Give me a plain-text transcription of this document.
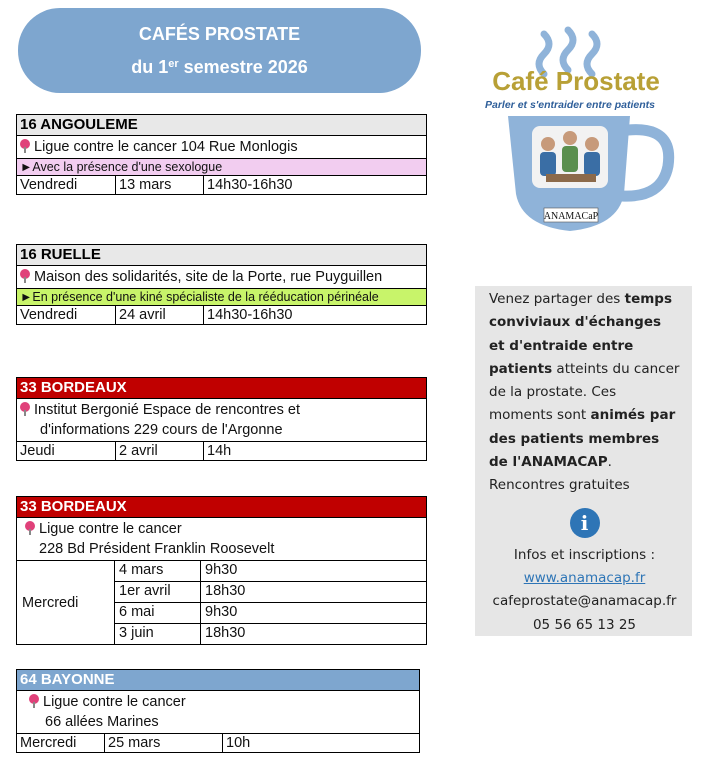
CAFÉS PROSTATE
du 1er semestre 2026	Café Prostate
Parler et s'entraider entre patients
ANAMACaP
16 ANGOULEME
Ligue contre le cancer 104 Rue Monlogis
►Avec la présence d'une sexologue
Vendredi	13 mars	14h30-16h30
16 RUELLE
Maison des solidarités, site de la Porte, rue Puyguillen
►En présence d'une kiné spécialiste de la rééducation périnéale
Vendredi	24 avril	14h30-16h30
33 BORDEAUX
Institut Bergonié Espace de rencontres et
d'informations 229 cours de l'Argonne
Jeudi	2 avril	14h
33 BORDEAUX
Ligue contre le cancer
228 Bd Président Franklin Roosevelt
Mercredi
4 mars	9h30
1er avril	18h30
6 mai	9h30
3 juin	18h30
64 BAYONNE
Ligue contre le cancer
66 allées Marines
Mercredi	25 mars	10h
Venez partager des temps conviviaux d'échanges et d'entraide entre patients atteints du cancer de la prostate. Ces moments sont animés par des patients membres de l'ANAMACAP.
Rencontres gratuites
i
Infos et inscriptions :
www.anamacap.fr
cafeprostate@anamacap.fr
05 56 65 13 25
